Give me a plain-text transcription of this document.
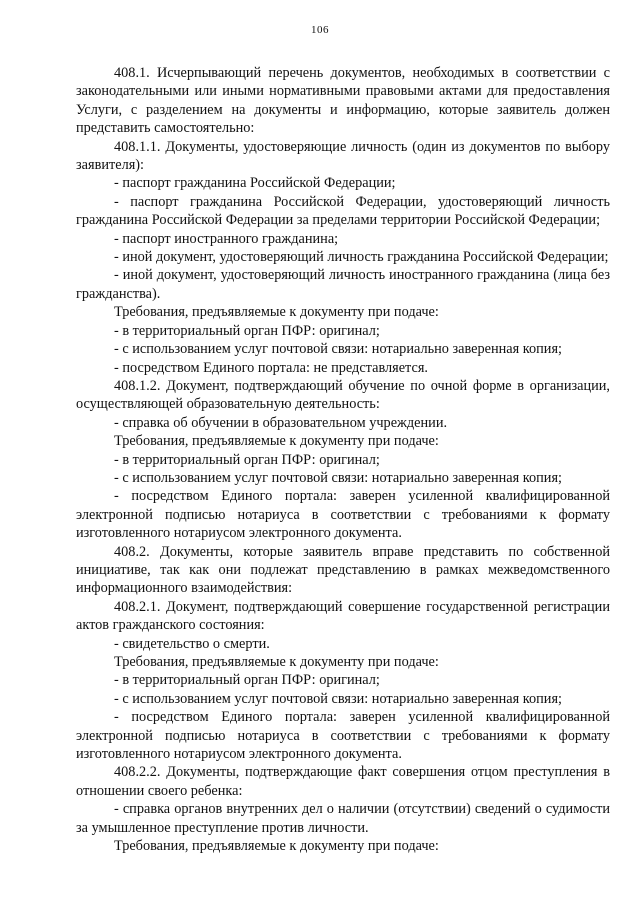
106

408.1. Исчерпывающий перечень документов, необходимых в соответствии с законодательными или иными нормативными правовыми актами для предоставления Услуги, с разделением на документы и информацию, которые заявитель должен представить самостоятельно:

408.1.1. Документы, удостоверяющие личность (один из документов по выбору заявителя):

- паспорт гражданина Российской Федерации;

- паспорт гражданина Российской Федерации, удостоверяющий личность гражданина Российской Федерации за пределами территории Российской Федерации;

- паспорт иностранного гражданина;

- иной документ, удостоверяющий личность гражданина Российской Федерации;

- иной документ, удостоверяющий личность иностранного гражданина (лица без гражданства).

Требования, предъявляемые к документу при подаче:

- в территориальный орган ПФР: оригинал;

- с использованием услуг почтовой связи: нотариально заверенная копия;

- посредством Единого портала: не представляется.

408.1.2. Документ, подтверждающий обучение по очной форме в организации, осуществляющей образовательную деятельность:

- справка об обучении в образовательном учреждении.

Требования, предъявляемые к документу при подаче:

- в территориальный орган ПФР: оригинал;

- с использованием услуг почтовой связи: нотариально заверенная копия;

- посредством Единого портала: заверен усиленной квалифицированной электронной подписью нотариуса в соответствии с требованиями к формату изготовленного нотариусом электронного документа.

408.2. Документы, которые заявитель вправе представить по собственной инициативе, так как они подлежат представлению в рамках межведомственного информационного взаимодействия:

408.2.1. Документ, подтверждающий совершение государственной регистрации актов гражданского состояния:

- свидетельство о смерти.

Требования, предъявляемые к документу при подаче:

- в территориальный орган ПФР: оригинал;

- с использованием услуг почтовой связи: нотариально заверенная копия;

- посредством Единого портала: заверен усиленной квалифицированной электронной подписью нотариуса в соответствии с требованиями к формату изготовленного нотариусом электронного документа.

408.2.2. Документы, подтверждающие факт совершения отцом преступления в отношении своего ребенка:

- справка органов внутренних дел о наличии (отсутствии) сведений о судимости за умышленное преступление против личности.

Требования, предъявляемые к документу при подаче:
